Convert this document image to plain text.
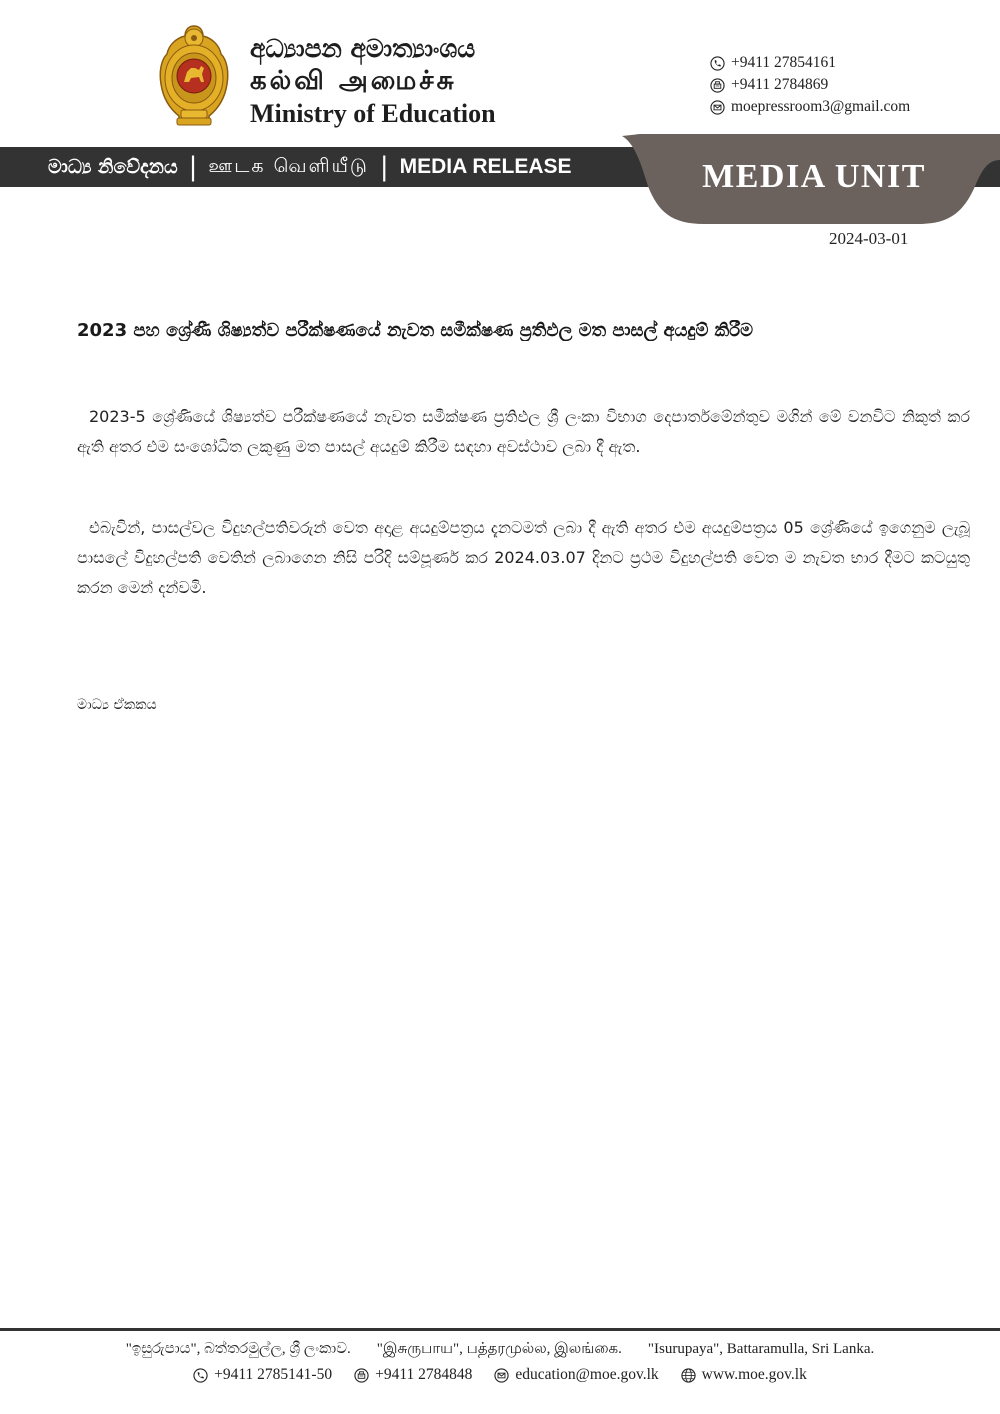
අධ්‍යාපන අමාත්‍යාංශය
கல்வி அமைச்சு
Ministry of Education
+9411 27854161
+9411 2784869
moepressroom3@gmail.com
මාධ්‍ය නිවේදනය | ஊடக வெளியீடு | MEDIA RELEASE	MEDIA UNIT
2024-03-01
2023 පහ ශ්‍රේණී ශිෂ්‍යත්ව පරීක්ෂණයේ නැවත සමීක්ෂණ ප්‍රතිඵල මත පාසල් අයදුම් කිරීම
2023-5 ශ්‍රේණියේ ශිෂ්‍යත්ව පරීක්ෂණයේ නැවත සමීක්ෂණ ප්‍රතිඵල ශ්‍රී ලංකා විභාග දෙපාර්තමේන්තුව මගින් මේ වනවිට නිකුත් කර ඇති අතර එම සංශෝධිත ලකුණු මත පාසල් අයදුම් කිරීම සඳහා අවස්ථාව ලබා දී ඇත.
එබැවින්, පාසල්වල විදුහල්පතිවරුන් වෙත අදාළ අයදුම්පත්‍රය දැනටමත් ලබා දී ඇති අතර එම අයදුම්පත්‍රය 05 ශ්‍රේණියේ ඉගෙනුම ලැබූ පාසලේ විදුහල්පති වෙතින් ලබාගෙන නිසි පරිදි සම්පූර්ණ කර 2024.03.07 දිනට ප්‍රථම විදුහල්පති වෙත ම නැවත භාර දීමට කටයුතු කරන මෙන් දන්වමි.
මාධ්‍ය ඒකකය
"ඉසුරුපාය", බත්තරමුල්ල, ශ්‍රී ලංකාව. "இசுருபாய", பத்தரமுல்ல, இலங்கை. "Isurupaya", Battaramulla, Sri Lanka.
+9411 2785141-50	+9411 2784848	education@moe.gov.lk	www.moe.gov.lk
